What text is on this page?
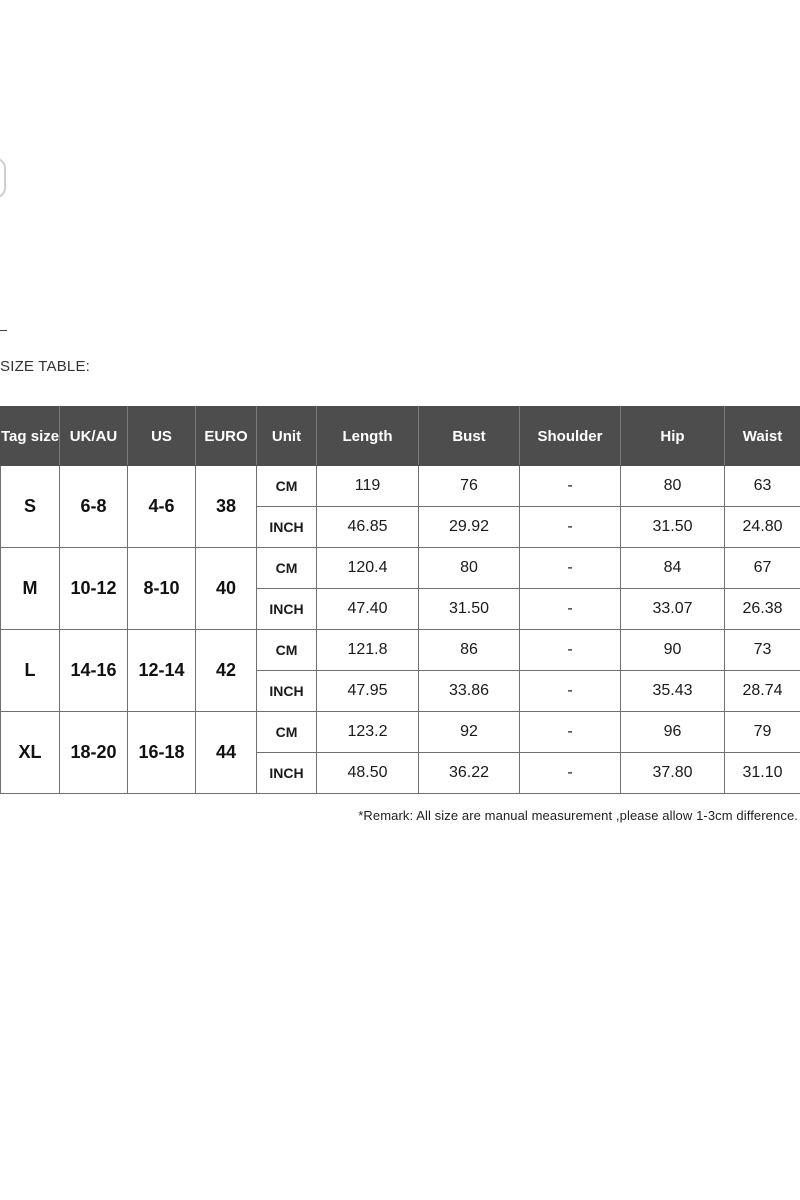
SIZE TABLE:
Tag size	UK/AU	US	EURO	Unit	Length	Bust	Shoulder	Hip	Waist
S	6-8	4-6	38	CM	119	76	-	80	63
				INCH	46.85	29.92	-	31.50	24.80
M	10-12	8-10	40	CM	120.4	80	-	84	67
				INCH	47.40	31.50	-	33.07	26.38
L	14-16	12-14	42	CM	121.8	86	-	90	73
				INCH	47.95	33.86	-	35.43	28.74
XL	18-20	16-18	44	CM	123.2	92	-	96	79
				INCH	48.50	36.22	-	37.80	31.10
*Remark: All size are manual measurement ,please allow 1-3cm difference.
